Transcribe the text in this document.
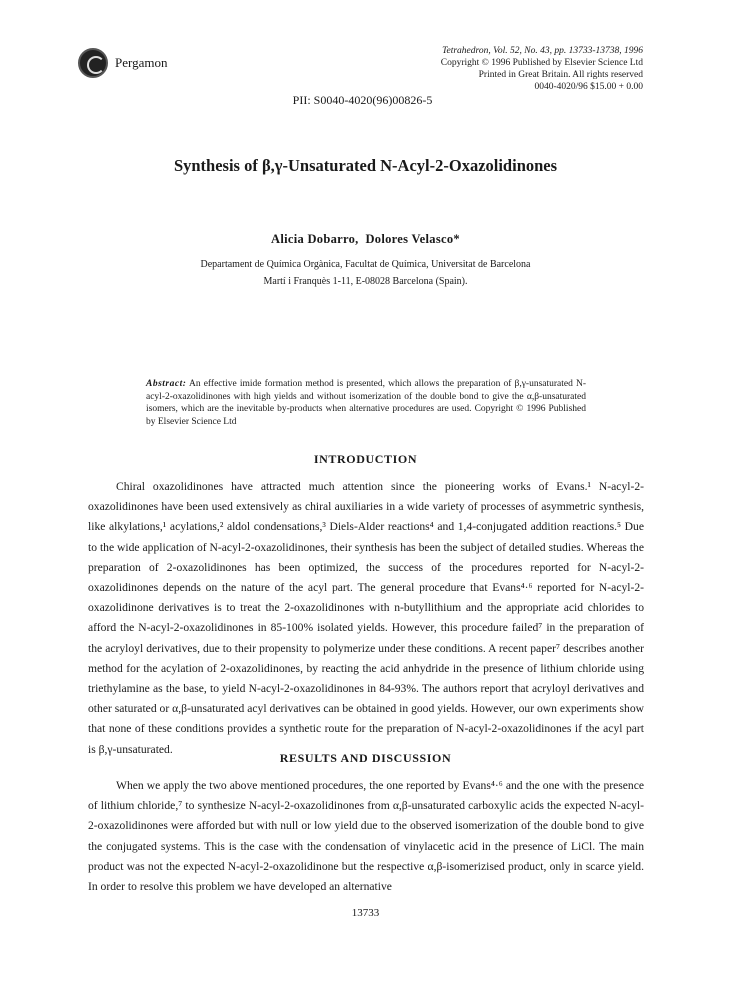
Pergamon
Tetrahedron, Vol. 52, No. 43, pp. 13733-13738, 1996
Copyright © 1996 Published by Elsevier Science Ltd
Printed in Great Britain. All rights reserved
0040-4020/96 $15.00 + 0.00
PII: S0040-4020(96)00826-5
Synthesis of β,γ-Unsaturated N-Acyl-2-Oxazolidinones
Alicia Dobarro,  Dolores Velasco*
Departament de Química Orgànica, Facultat de Química, Universitat de Barcelona
Martí i Franquès 1-11, E-08028 Barcelona (Spain).
Abstract: An effective imide formation method is presented, which allows the preparation of β,γ-unsaturated N-acyl-2-oxazolidinones with high yields and without isomerization of the double bond to give the α,β-unsaturated isomers, which are the inevitable by-products when alternative procedures are used. Copyright © 1996 Published by Elsevier Science Ltd
INTRODUCTION
Chiral oxazolidinones have attracted much attention since the pioneering works of Evans.¹ N-acyl-2-oxazolidinones have been used extensively as chiral auxiliaries in a wide variety of processes of asymmetric synthesis, like alkylations,¹ acylations,² aldol condensations,³ Diels-Alder reactions⁴ and 1,4-conjugated addition reactions.⁵ Due to the wide application of N-acyl-2-oxazolidinones, their synthesis has been the subject of detailed studies. Whereas the preparation of 2-oxazolidinones has been optimized, the success of the procedures reported for N-acyl-2-oxazolidinones depends on the nature of the acyl part. The general procedure that Evans⁴·⁶ reported for N-acyl-2-oxazolidinone derivatives is to treat the 2-oxazolidinones with n-butyllithium and the appropriate acid chlorides to afford the N-acyl-2-oxazolidinones in 85-100% isolated yields. However, this procedure failed⁷ in the preparation of the acryloyl derivatives, due to their propensity to polymerize under these conditions. A recent paper⁷ describes another method for the acylation of 2-oxazolidinones, by reacting the acid anhydride in the presence of lithium chloride using triethylamine as the base, to yield N-acyl-2-oxazolidinones in 84-93%. The authors report that acryloyl derivatives and other saturated or α,β-unsaturated acyl derivatives can be obtained in good yields. However, our own experiments show that none of these conditions provides a synthetic route for the preparation of N-acyl-2-oxazolidinones if the acyl part is β,γ-unsaturated.
RESULTS AND DISCUSSION
When we apply the two above mentioned procedures, the one reported by Evans⁴·⁶ and the one with the presence of lithium chloride,⁷ to synthesize N-acyl-2-oxazolidinones from α,β-unsaturated carboxylic acids the expected N-acyl-2-oxazolidinones were afforded but with null or low yield due to the observed isomerization of the double bond to give the conjugated systems. This is the case with the condensation of vinylacetic acid in the presence of LiCl. The main product was not the expected N-acyl-2-oxazolidinone but the respective α,β-isomerizised product, only in scarce yield. In order to resolve this problem we have developed an alternative
13733
